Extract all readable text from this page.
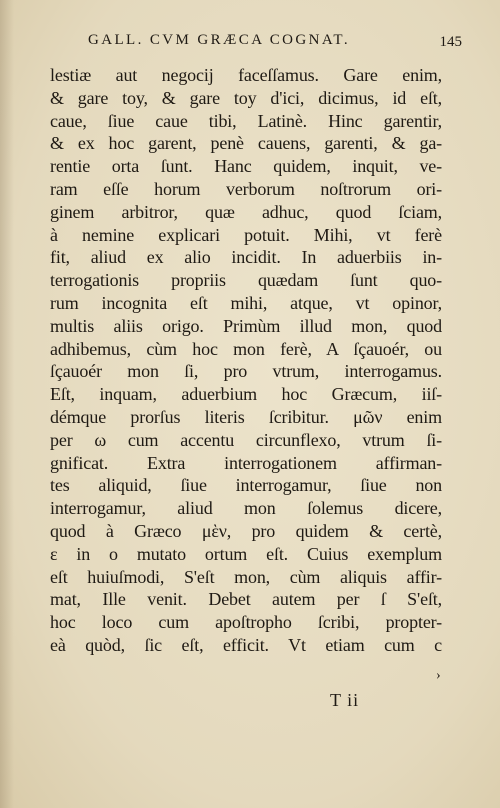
GALL. CVM GRÆCA COGNAT.	145
lestiæ aut negocij faceſſamus. Gare enim,
& gare toy, & gare toy d'ici, dicimus, id eſt,
caue, ſiue caue tibi, Latinè. Hinc garentir,
& ex hoc garent, penè cauens, garenti, & ga-
rentie orta ſunt. Hanc quidem, inquit, ve-
ram eſſe horum verborum noſtrorum ori-
ginem arbitror, quæ adhuc, quod ſciam,
à nemine explicari potuit. Mihi, vt ferè
fit, aliud ex alio incidit. In aduerbiis in-
terrogationis propriis quædam ſunt quo-
rum incognita eſt mihi, atque, vt opinor,
multis aliis origo. Primùm illud mon, quod
adhibemus, cùm hoc mon ferè, A ſçauoér, ou
ſçauoér mon ſi, pro vtrum, interrogamus.
Eſt, inquam, aduerbium hoc Græcum, iiſ-
démque prorſus literis ſcribitur. μῶν enim
per ω cum accentu circunflexo, vtrum ſi-
gnificat. Extra interrogationem affirman-
tes aliquid, ſiue interrogamur, ſiue non
interrogamur, aliud mon ſolemus dicere,
quod à Græco μὲν, pro quidem & certè,
ε in o mutato ortum eſt. Cuius exemplum
eſt huiuſmodi, S'eſt mon, cùm aliquis affir-
mat, Ille venit. Debet autem per ſ S'eſt,
hoc loco cum apoſtropho ſcribi, propter-
eà quòd, ſic eſt, efficit. Vt etiam cum c
›
T ii
